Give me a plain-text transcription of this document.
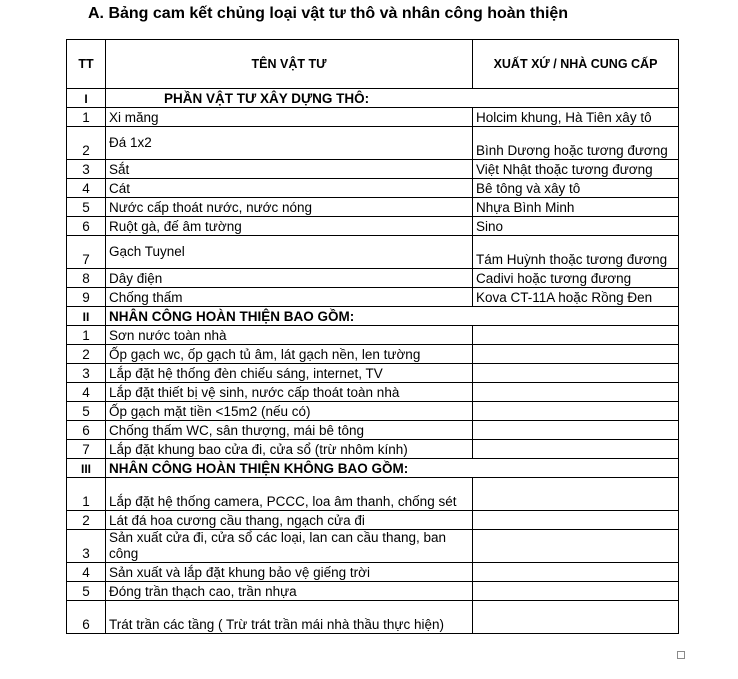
A. Bảng cam kết chủng loại vật tư thô và nhân công hoàn thiện
TT	TÊN VẬT TƯ	XUẤT XỨ / NHÀ CUNG CẤP
I	PHẦN VẬT TƯ XÂY DỰNG THÔ:	
1	Xi măng	Holcim khung, Hà Tiên xây tô
2	Đá 1x2	Bình Dương hoặc tương đương
3	Sắt	Việt Nhật thoặc tương đương
4	Cát	Bê tông và xây tô
5	Nước cấp thoát nước, nước nóng	Nhựa Bình Minh
6	Ruột gà, đế âm tường	Sino
7	Gạch Tuynel	Tám Huỳnh thoặc tương đương
8	Dây điện	Cadivi hoặc tương đương
9	Chống thấm	Kova CT-11A hoặc Rồng Đen
II	NHÂN CÔNG HOÀN THIỆN BAO GỒM:	
1	Sơn nước toàn nhà	
2	Ốp gạch wc, ốp gạch tủ âm, lát gạch nền, len tường	
3	Lắp đặt hệ thống đèn chiếu sáng, internet, TV	
4	Lắp đặt thiết bị vệ sinh, nước cấp thoát toàn nhà	
5	Ốp gạch mặt tiền <15m2 (nếu có)	
6	Chống thấm WC, sân thượng, mái bê tông	
7	Lắp đặt khung bao cửa đi, cửa sổ (trừ nhôm kính)	
III	NHÂN CÔNG HOÀN THIỆN KHÔNG BAO GỒM:	
1	Lắp đặt hệ thống camera, PCCC, loa âm thanh, chống sét	
2	Lát đá hoa cương cầu thang, ngạch cửa đi	
3	Sản xuất cửa đi, cửa sổ các loại, lan can cầu thang, ban công	
4	Sản xuất và lắp đặt khung bảo vệ giếng trời	
5	Đóng trần thạch cao, trần nhựa	
6	Trát trần các tầng ( Trừ trát trần mái nhà thầu thực hiện)	
